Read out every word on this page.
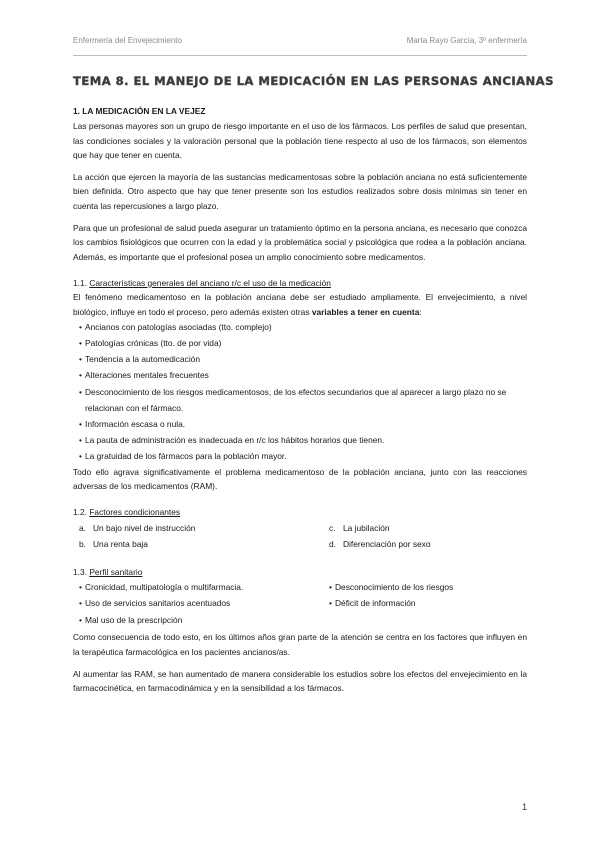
Enfermería del Envejecimiento	Marta Rayo García, 3º enfermería
TEMA 8. EL MANEJO DE LA MEDICACIÓN EN LAS PERSONAS ANCIANAS
1. LA MEDICACIÓN EN LA VEJEZ

Las personas mayores son un grupo de riesgo importante en el uso de los fármacos. Los perfiles de salud que presentan, las condiciones sociales y la valoración personal que la población tiene respecto al uso de los fármacos, son elementos que hay que tener en cuenta.

La acción que ejercen la mayoría de las sustancias medicamentosas sobre la población anciana no está suficientemente bien definida. Otro aspecto que hay que tener presente son los estudios realizados sobre dosis mínimas sin tener en cuenta las repercusiones a largo plazo.

Para que un profesional de salud pueda asegurar un tratamiento óptimo en la persona anciana, es necesario que conozca los cambios fisiológicos que ocurren con la edad y la problemática social y psicológica que rodea a la población anciana. Además, es importante que el profesional posea un amplio conocimiento sobre medicamentos.

1.1. Características generales del anciano r/c el uso de la medicación

El fenómeno medicamentoso en la población anciana debe ser estudiado ampliamente. El envejecimiento, a nivel biológico, influye en todo el proceso, pero además existen otras variables a tener en cuenta:

• Ancianos con patologías asociadas (tto. complejo)
• Patologías crónicas (tto. de por vida)
• Tendencia a la automedicación
• Alteraciones mentales frecuentes
• Desconocimiento de los riesgos medicamentosos, de los efectos secundarios que al aparecer a largo plazo no se relacionan con el fármaco.
• Información escasa o nula.
• La pauta de administración es inadecuada en r/c los hábitos horarios que tienen.
• La gratuidad de los fármacos para la población mayor.

Todo ello agrava significativamente el problema medicamentoso de la población anciana, junto con las reacciones adversas de los medicamentos (RAM).

1.2. Factores condicionantes
a. Un bajo nivel de instrucción	c. La jubilación
b. Una renta baja	d. Diferenciación por sexo
1.3. Perfil sanitario
• Cronicidad, multipatología o multifarmacia.	• Desconocimiento de los riesgos
• Uso de servicios sanitarios acentuados	• Déficit de información
• Mal uso de la prescripción

Como consecuencia de todo esto, en los últimos años gran parte de la atención se centra en los factores que influyen en la terapéutica farmacológica en los pacientes ancianos/as.

Al aumentar las RAM, se han aumentado de manera considerable los estudios sobre los efectos del envejecimiento en la farmacocinética, en farmacodinámica y en la sensibilidad a los fármacos.

1
